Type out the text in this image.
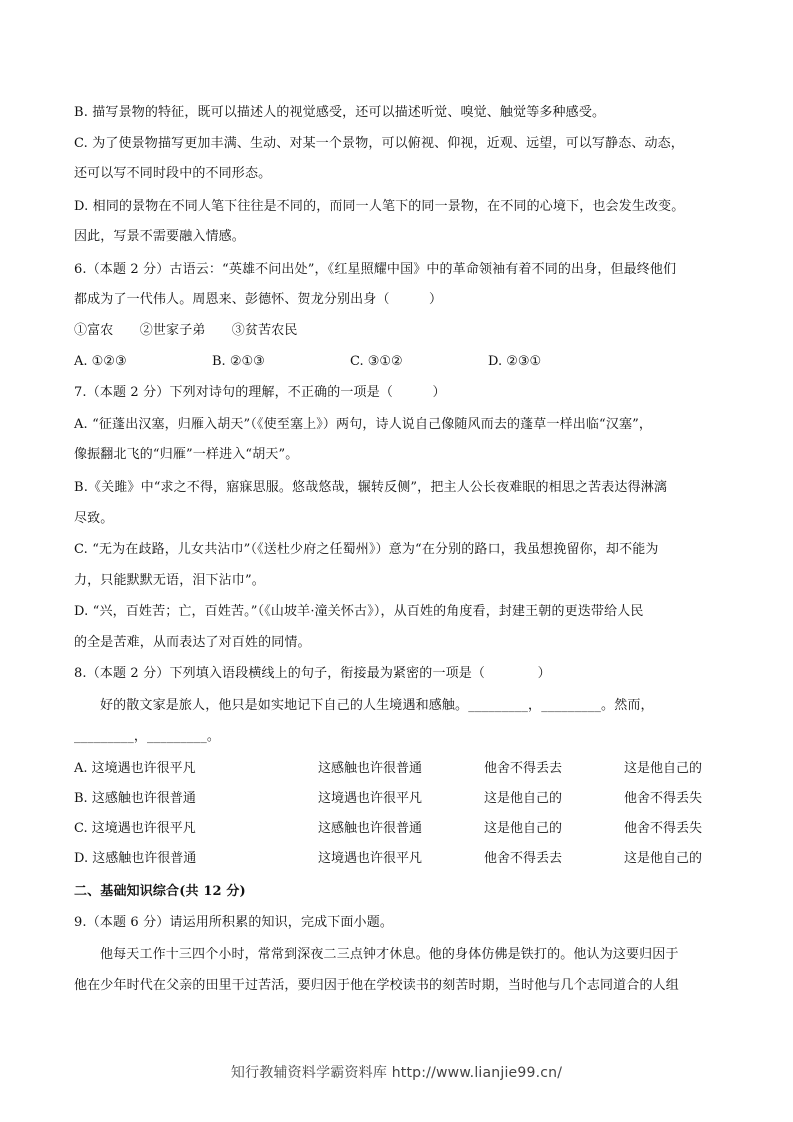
B. 描写景物的特征，既可以描述人的视觉感受，还可以描述听觉、嗅觉、触觉等多种感受。
C. 为了使景物描写更加丰满、生动、对某一个景物，可以俯视、仰视，近观、远望，可以写静态、动态，
还可以写不同时段中的不同形态。
D. 相同的景物在不同人笔下往往是不同的，而同一人笔下的同一景物，在不同的心境下，也会发生改变。
因此，写景不需要融入情感。
6.（本题 2 分）古语云：“英雄不问出处”，《红星照耀中国》中的革命领袖有着不同的出身，但最终他们
都成为了一代伟人。周恩来、彭德怀、贺龙分别出身（　　　）
①富农　　②世家子弟　　③贫苦农民
A. ①②③	B. ②①③	C. ③①②	D. ②③①
7.（本题 2 分）下列对诗句的理解，不正确的一项是（　　　）
A. “征蓬出汉塞，归雁入胡天”（《使至塞上》）两句，诗人说自己像随风而去的蓬草一样出临“汉塞”，
像振翻北飞的“归雁”一样进入“胡天”。
B.《关雎》中“求之不得，寤寐思服。悠哉悠哉，辗转反侧”，把主人公长夜难眠的相思之苦表达得淋漓
尽致。
C. “无为在歧路，儿女共沾巾”（《送杜少府之任蜀州》）意为“在分别的路口，我虽想挽留你，却不能为
力，只能默默无语，泪下沾巾”。
D. “兴，百姓苦；亡，百姓苦。”（《山坡羊·潼关怀古》），从百姓的角度看，封建王朝的更迭带给人民
的全是苦难，从而表达了对百姓的同情。
8.（本题 2 分）下列填入语段横线上的句子，衔接最为紧密的一项是（　　　　）
好的散文家是旅人，他只是如实地记下自己的人生境遇和感触。_________，_________。然而，
_________，_________。
A. 这境遇也许很平凡	这感触也许很普通	他舍不得丢去	这是他自己的
B. 这感触也许很普通	这境遇也许很平凡	这是他自己的	他舍不得丢失
C. 这境遇也许很平凡	这感触也许很普通	这是他自己的	他舍不得丢失
D. 这感触也许很普通	这境遇也许很平凡	他舍不得丢去	这是他自己的
二、基础知识综合(共 12 分)
9.（本题 6 分）请运用所积累的知识，完成下面小题。
他每天工作十三四个小时，常常到深夜二三点钟才休息。他的身体仿佛是铁打的。他认为这要归因于
他在少年时代在父亲的田里干过苦活，要归因于他在学校读书的刻苦时期，当时他与几个志同道合的人组
知行教辅资料学霸资料库 http://www.lianjie99.cn/
